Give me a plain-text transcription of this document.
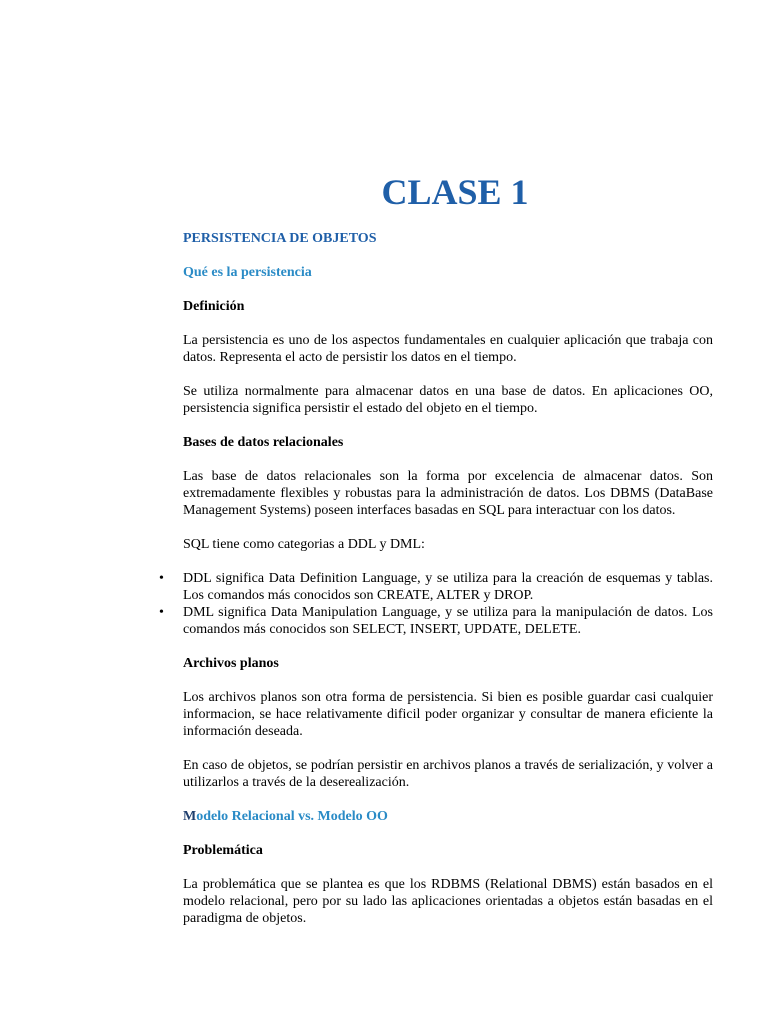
CLASE 1
PERSISTENCIA DE OBJETOS
Qué es la persistencia
Definición
La persistencia es uno de los aspectos fundamentales en cualquier aplicación que trabaja con datos. Representa el acto de persistir los datos en el tiempo.
Se utiliza normalmente para almacenar datos en una base de datos. En aplicaciones OO, persistencia significa persistir el estado del objeto en el tiempo.
Bases de datos relacionales
Las base de datos relacionales son la forma por excelencia de almacenar datos. Son extremadamente flexibles y robustas para la administración de datos. Los DBMS (DataBase Management Systems) poseen interfaces basadas en SQL para interactuar con los datos.
SQL tiene como categorias a DDL y DML:
• DDL significa Data Definition Language, y se utiliza para la creación de esquemas y tablas. Los comandos más conocidos son CREATE, ALTER y DROP.
• DML significa Data Manipulation Language, y se utiliza para la manipulación de datos. Los comandos más conocidos son SELECT, INSERT, UPDATE, DELETE.
Archivos planos
Los archivos planos son otra forma de persistencia. Si bien es posible guardar casi cualquier informacion, se hace relativamente dificil poder organizar y consultar de manera eficiente la información deseada.
En caso de objetos, se podrían persistir en archivos planos a través de serialización, y volver a utilizarlos a través de la deserealización.
Modelo Relacional vs. Modelo OO
Problemática
La problemática que se plantea es que los RDBMS (Relational DBMS) están basados en el modelo relacional, pero por su lado las aplicaciones orientadas a objetos están basadas en el paradigma de objetos.
